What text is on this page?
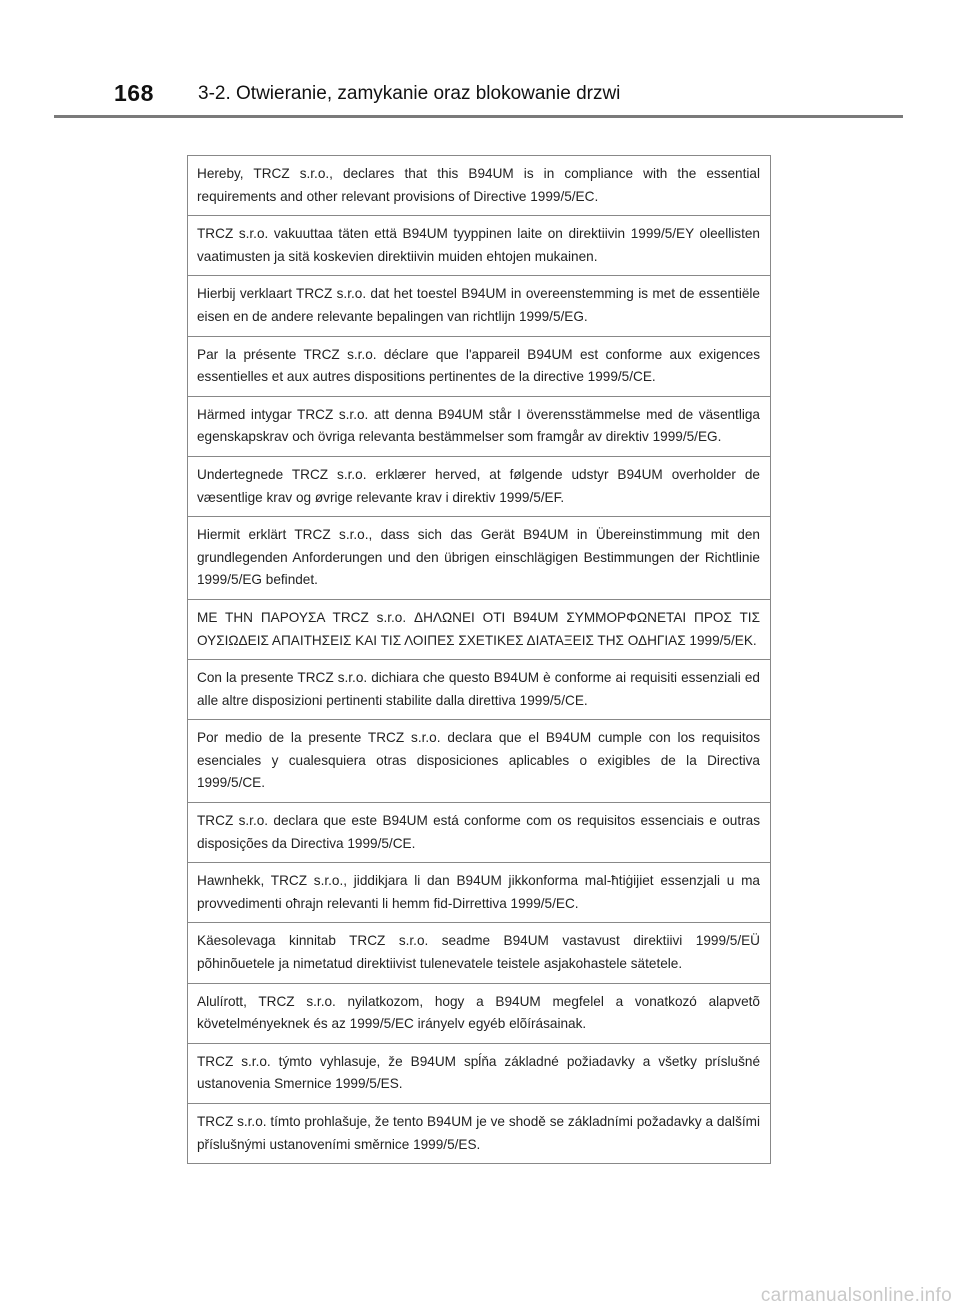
168 3-2. Otwieranie, zamykanie oraz blokowanie drzwi
Hereby, TRCZ s.r.o., declares that this B94UM is in compliance with the essential requirements and other relevant provisions of Directive 1999/5/EC.
TRCZ s.r.o. vakuuttaa täten että B94UM tyyppinen laite on direktiivin 1999/5/EY oleellisten vaatimusten ja sitä koskevien direktiivin muiden ehtojen mukainen.
Hierbij verklaart TRCZ s.r.o. dat het toestel B94UM in overeenstemming is met de essentiële eisen en de andere relevante bepalingen van richtlijn 1999/5/EG.
Par la présente TRCZ s.r.o. déclare que l'appareil B94UM est conforme aux exigences essentielles et aux autres dispositions pertinentes de la directive 1999/5/CE.
Härmed intygar TRCZ s.r.o. att denna B94UM står I överensstämmelse med de väsentliga egenskapskrav och övriga relevanta bestämmelser som framgår av direktiv 1999/5/EG.
Undertegnede TRCZ s.r.o. erklærer herved, at følgende udstyr B94UM overholder de væsentlige krav og øvrige relevante krav i direktiv 1999/5/EF.
Hiermit erklärt TRCZ s.r.o., dass sich das Gerät B94UM in Übereinstimmung mit den grundlegenden Anforderungen und den übrigen einschlägigen Bestimmungen der Richtlinie 1999/5/EG befindet.
ΜΕ ΤΗΝ ΠΑΡΟΥΣΑ TRCZ s.r.o. ΔΗΛΩΝΕΙ ΟΤΙ B94UM ΣΥΜΜΟΡΦΩΝΕΤΑΙ ΠΡΟΣ ΤΙΣ ΟΥΣΙΩΔΕΙΣ ΑΠΑΙΤΗΣΕΙΣ ΚΑΙ ΤΙΣ ΛΟΙΠΕΣ ΣΧΕΤΙΚΕΣ ΔΙΑΤΑΞΕΙΣ ΤΗΣ ΟΔΗΓΙΑΣ 1999/5/ΕΚ.
Con la presente TRCZ s.r.o. dichiara che questo B94UM è conforme ai requisiti essenziali ed alle altre disposizioni pertinenti stabilite dalla direttiva 1999/5/CE.
Por medio de la presente TRCZ s.r.o. declara que el B94UM cumple con los requisitos esenciales y cualesquiera otras disposiciones aplicables o exigibles de la Directiva 1999/5/CE.
TRCZ s.r.o. declara que este B94UM está conforme com os requisitos essenciais e outras disposições da Directiva 1999/5/CE.
Hawnhekk, TRCZ s.r.o., jiddikjara li dan B94UM jikkonforma mal-ħtiġijiet essenzjali u ma provvedimenti oħrajn relevanti li hemm fid-Dirrettiva 1999/5/EC.
Käesolevaga kinnitab TRCZ s.r.o. seadme B94UM vastavust direktiivi 1999/5/EÜ põhinõuetele ja nimetatud direktiivist tulenevatele teistele asjakohastele sätetele.
Alulírott, TRCZ s.r.o. nyilatkozom, hogy a B94UM megfelel a vonatkozó alapvetõ követelményeknek és az 1999/5/EC irányelv egyéb elõírásainak.
TRCZ s.r.o. týmto vyhlasuje, že B94UM spĺňa základné požiadavky a všetky príslušné ustanovenia Smernice 1999/5/ES.
TRCZ s.r.o. tímto prohlašuje, že tento B94UM je ve shodě se základními požadavky a dalšími příslušnými ustanoveními směrnice 1999/5/ES.
carmanualsonline.info
